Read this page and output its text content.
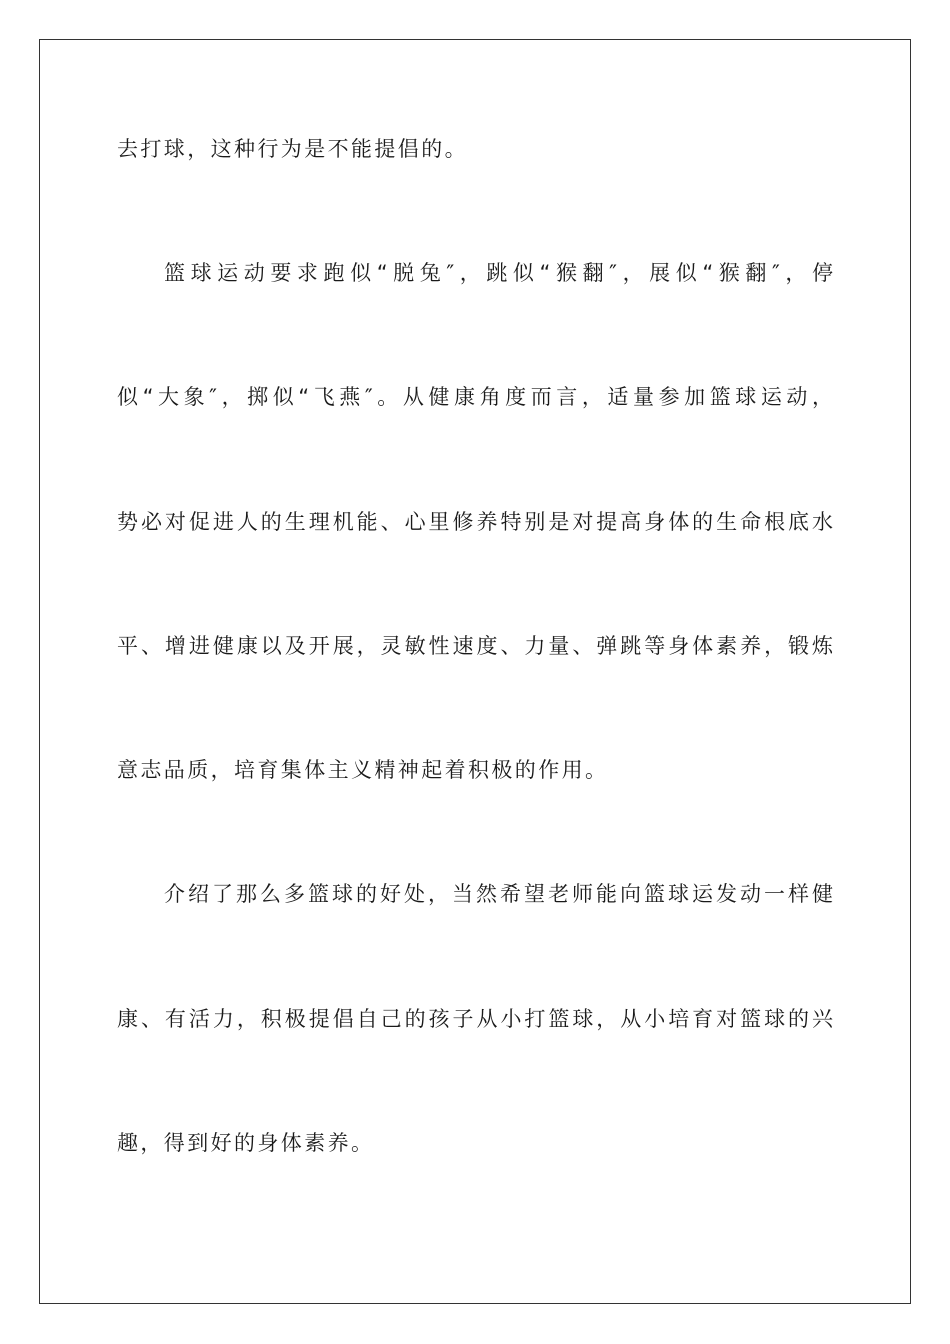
去打球，这种行为是不能提倡的。
篮球运动要求跑似“脱兔″，跳似“猴翻″，展似“猴翻″，停
似“大象″，掷似“飞燕″。从健康角度而言，适量参加篮球运动，
势必对促进人的生理机能、心里修养特别是对提高身体的生命根底水
平、增进健康以及开展，灵敏性速度、力量、弹跳等身体素养，锻炼
意志品质，培育集体主义精神起着积极的作用。
介绍了那么多篮球的好处，当然希望老师能向篮球运发动一样健
康、有活力，积极提倡自己的孩子从小打篮球，从小培育对篮球的兴
趣，得到好的身体素养。
